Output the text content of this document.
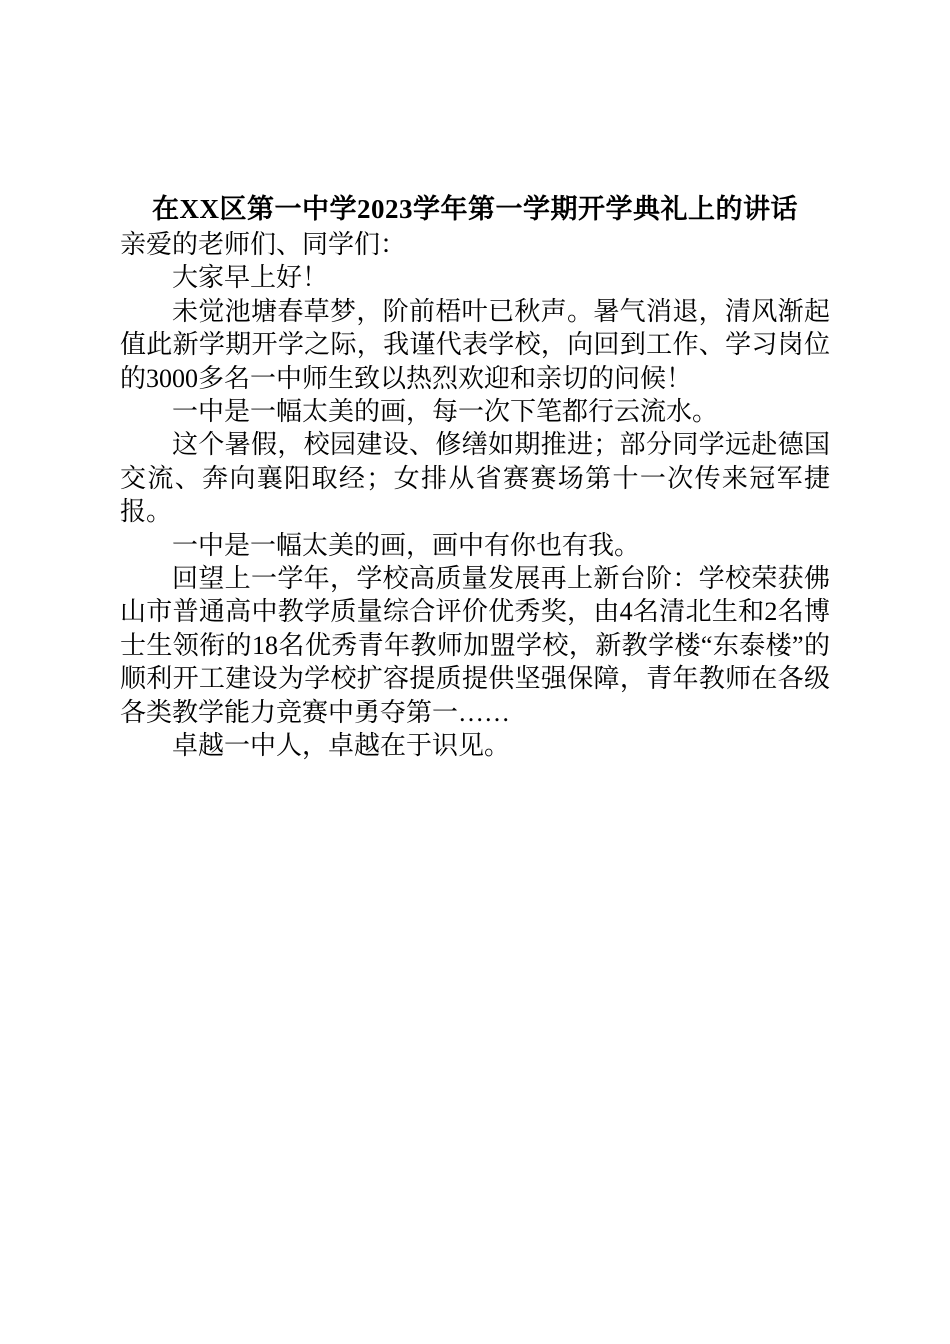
在XX区第一中学2023学年第一学期开学典礼上的讲话

亲爱的老师们、同学们：

大家早上好！

未觉池塘春草梦，阶前梧叶已秋声。暑气消退，清风渐起值此新学期开学之际，我谨代表学校，向回到工作、学习岗位的3000多名一中师生致以热烈欢迎和亲切的问候！

一中是一幅太美的画，每一次下笔都行云流水。

这个暑假，校园建设、修缮如期推进；部分同学远赴德国交流、奔向襄阳取经；女排从省赛赛场第十一次传来冠军捷报。

一中是一幅太美的画，画中有你也有我。

回望上一学年，学校高质量发展再上新台阶：学校荣获佛山市普通高中教学质量综合评价优秀奖，由4名清北生和2名博士生领衔的18名优秀青年教师加盟学校，新教学楼“东泰楼”的顺利开工建设为学校扩容提质提供坚强保障，青年教师在各级各类教学能力竞赛中勇夺第一……

卓越一中人，卓越在于识见。
